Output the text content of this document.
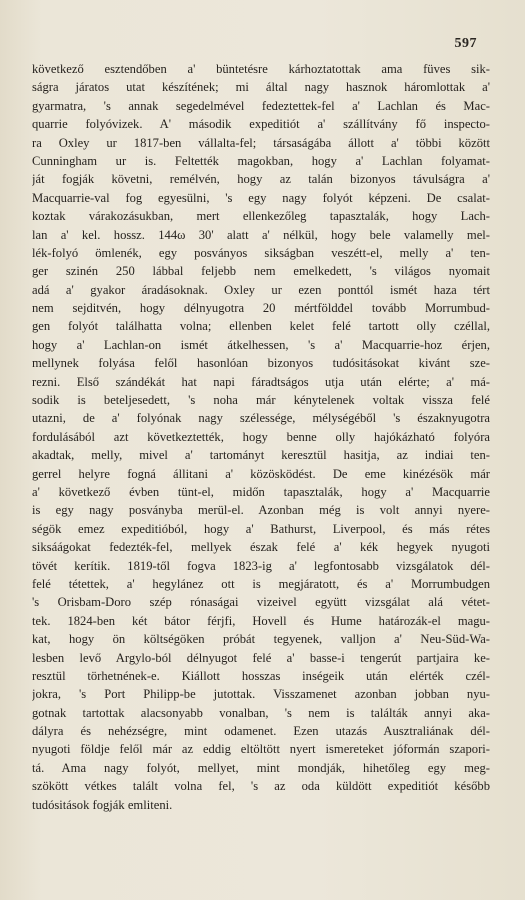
597
következő esztendőben a' büntetésre kárhoztatottak ama füves sik-
ságra járatos utat készítének; mi által nagy hasznok háromlottak a'
gyarmatra, 's annak segedelmével fedeztettek-fel a' Lachlan és Mac-
quarrie folyóvizek. A' második expeditiót a' szállítvány fő inspecto-
ra Oxley ur 1817-ben vállalta-fel; társaságába állott a' többi között
Cunningham ur is. Feltették magokban, hogy a' Lachlan folyamat-
ját fogják követni, remélvén, hogy az talán bizonyos távulságra a'
Macquarrie-val fog egyesülni, 's egy nagy folyót képzeni. De csalat-
koztak várakozásukban, mert ellenkezőleg tapasztalák, hogy Lach-
lan a' kel. hossz. 144ω 30' alatt a' nélkül, hogy bele valamelly mel-
lék-folyó ömlenék, egy posványos sikságban veszétt-el, melly a' ten-
ger szinén 250 lábbal feljebb nem emelkedett, 's világos nyomait
adá a' gyakor áradásoknak. Oxley ur ezen ponttól ismét haza tért
nem sejditvén, hogy délnyugotra 20 mértföldđel tovább Morrumbud-
gen folyót találhatta volna; ellenben kelet felé tartott olly czéllal,
hogy a' Lachlan-on ismét átkelhessen, 's a' Macquarrie-hoz érjen,
mellynek folyása felől hasonlóan bizonyos tudósitásokat kivánt sze-
rezni. Első szándékát hat napi fáradtságos utja után elérte; a' má-
sodik is beteljesedett, 's noha már kénytelenek voltak vissza felé
utazni, de a' folyónak nagy szélessége, mélységéből 's északnyugotra
fordulásából azt következtették, hogy benne olly hajókázható folyóra
akadtak, melly, mivel a' tartományt keresztül hasitja, az indiai ten-
gerrel helyre fogná állitani a' közösködést. De eme kinézésök már
a' következő évben tünt-el, midőn tapasztalák, hogy a' Macquarrie
is egy nagy posványba merül-el. Azonban még is volt annyi nyere-
ségök emez expeditióból, hogy a' Bathurst, Liverpool, és más rétes
siksáágokat fedezték-fel, mellyek észak felé a' kék hegyek nyugoti
tövét kerítik. 1819-től fogva 1823-ig a' legfontosabb vizsgálatok dél-
felé tétettek, a' hegylánez ott is megjáratott, és a' Morrumbudgen
's Orisbam-Doro szép rónaságai vizeivel együtt vizsgálat alá vétet-
tek. 1824-ben két bátor férjfi, Hovell és Hume határozák-el magu-
kat, hogy ön költségöken próbát tegyenek, valljon a' Neu-Süd-Wa-
lesben levő Argylo-ból délnyugot felé a' basse-i tengerút partjaira ke-
resztül törhetnének-e. Kiállott hosszas inségeik után elérték czél-
jokra, 's Port Philipp-be jutottak. Visszamenet azonban jobban nyu-
gotnak tartottak alacsonyabb vonalban, 's nem is találták annyi aka-
dályra és nehézségre, mint odamenet. Ezen utazás Ausztraliának dél-
nyugoti földje felől már az eddig eltöltött nyert ismereteket jóformán szapori-
tá. Ama nagy folyót, mellyet, mint mondják, hihetőleg egy meg-
szökött vétkes talált volna fel, 's az oda küldött expeditiót később
tudósitások fogják emliteni.
